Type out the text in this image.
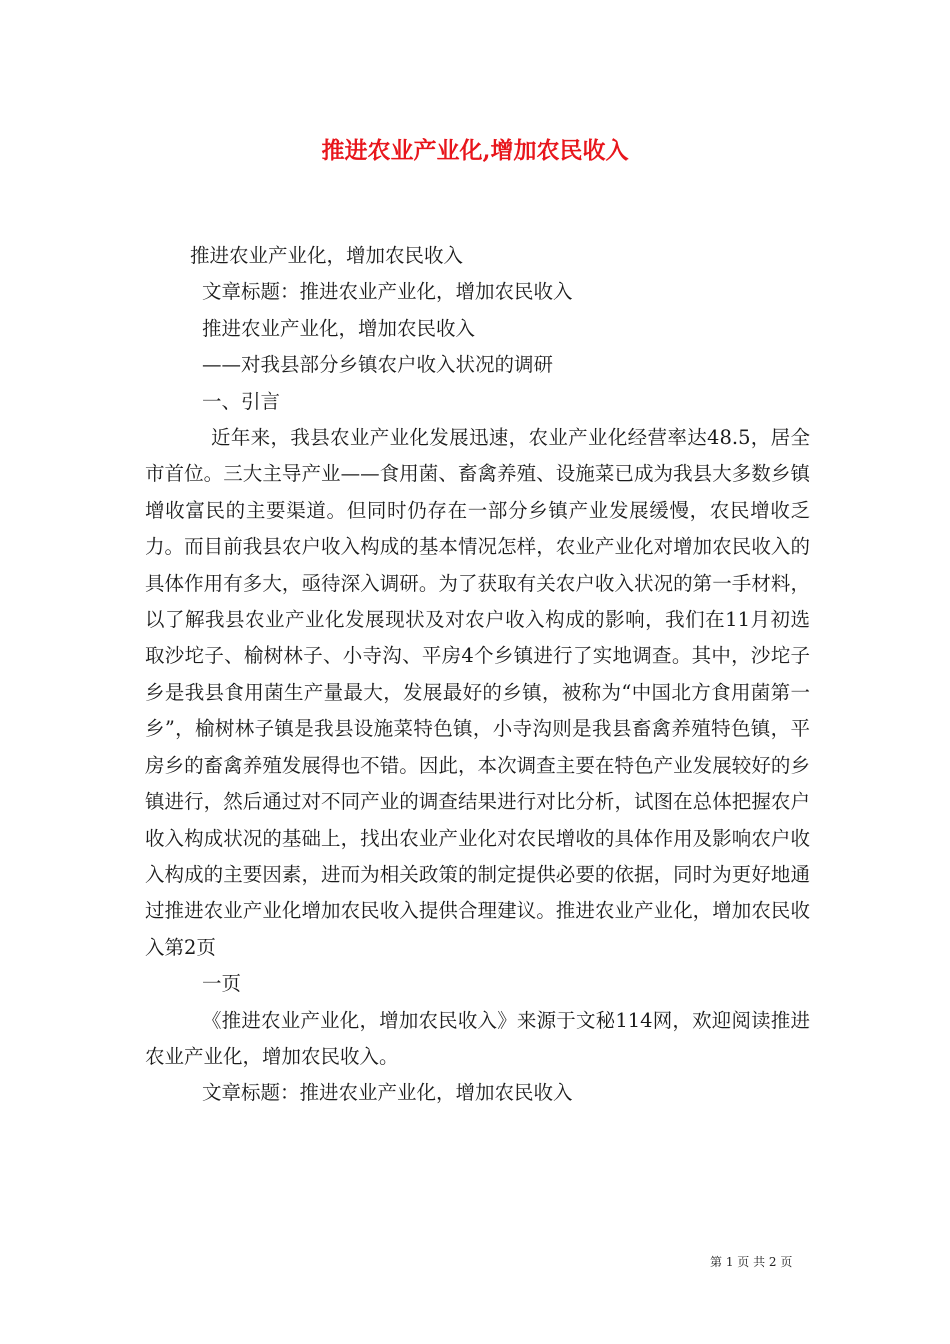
推进农业产业化,增加农民收入

推进农业产业化，增加农民收入

文章标题：推进农业产业化，增加农民收入

推进农业产业化，增加农民收入

——对我县部分乡镇农户收入状况的调研

一、引言

近年来，我县农业产业化发展迅速，农业产业化经营率达48.5，居全市首位。三大主导产业——食用菌、畜禽养殖、设施菜已成为我县大多数乡镇增收富民的主要渠道。但同时仍存在一部分乡镇产业发展缓慢，农民增收乏力。而目前我县农户收入构成的基本情况怎样，农业产业化对增加农民收入的具体作用有多大，亟待深入调研。为了获取有关农户收入状况的第一手材料，以了解我县农业产业化发展现状及对农户收入构成的影响，我们在11月初选取沙坨子、榆树林子、小寺沟、平房4个乡镇进行了实地调查。其中，沙坨子乡是我县食用菌生产量最大，发展最好的乡镇，被称为“中国北方食用菌第一乡”，榆树林子镇是我县设施菜特色镇，小寺沟则是我县畜禽养殖特色镇，平房乡的畜禽养殖发展得也不错。因此，本次调查主要在特色产业发展较好的乡镇进行，然后通过对不同产业的调查结果进行对比分析，试图在总体把握农户收入构成状况的基础上，找出农业产业化对农民增收的具体作用及影响农户收入构成的主要因素，进而为相关政策的制定提供必要的依据，同时为更好地通过推进农业产业化增加农民收入提供合理建议。推进农业产业化，增加农民收入第2页

一页

《推进农业产业化，增加农民收入》来源于文秘114网，欢迎阅读推进农业产业化，增加农民收入。

文章标题：推进农业产业化，增加农民收入

第 1 页 共 2 页
